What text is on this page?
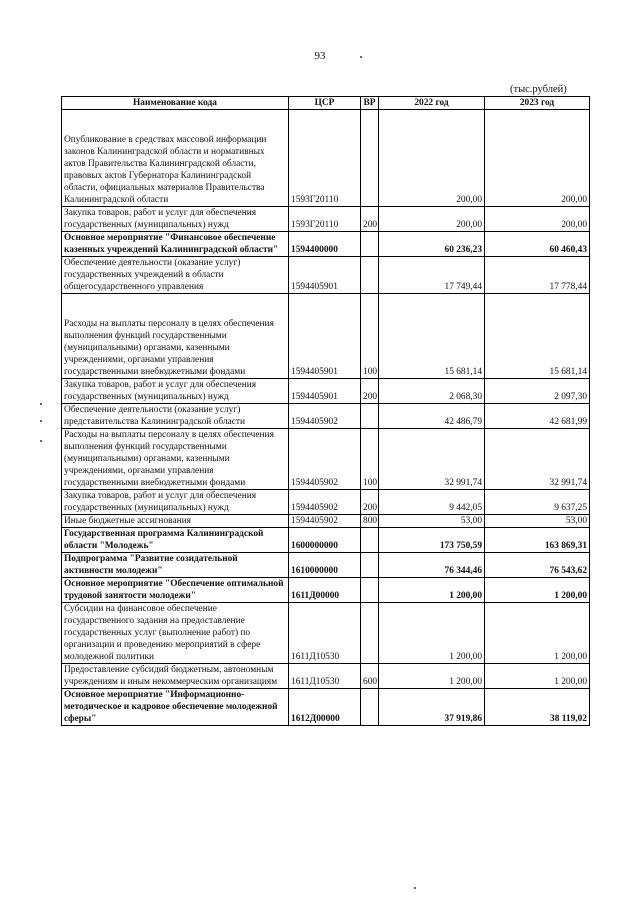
93
(тыс.рублей)
Наименование кода	ЦСР	ВР	2022 год	2023 год
Опубликование в средствах массовой информации законов Калининградской области и нормативных актов Правительства Калининградской области, правовых актов Губернатора Калининградской области, официальных материалов Правительства Калининградской области	1593Г20110		200,00	200,00
Закупка товаров, работ и услуг для обеспечения государственных (муниципальных) нужд	1593Г20110	200	200,00	200,00
Основное мероприятие "Финансовое обеспечение казенных учреждений Калининградской области"	1594400000		60 236,23	60 460,43
Обеспечение деятельности (оказание услуг) государственных учреждений в области общегосударственного управления	1594405901		17 749,44	17 778,44
Расходы на выплаты персоналу в целях обеспечения выполнения функций государственными (муниципальными) органами, казенными учреждениями, органами управления государственными внебюджетными фондами	1594405901	100	15 681,14	15 681,14
Закупка товаров, работ и услуг для обеспечения государственных (муниципальных) нужд	1594405901	200	2 068,30	2 097,30
Обеспечение деятельности (оказание услуг) представительства Калининградской области	1594405902		42 486,79	42 681,99
Расходы на выплаты персоналу в целях обеспечения выполнения функций государственными (муниципальными) органами, казенными учреждениями, органами управления государственными внебюджетными фондами	1594405902	100	32 991,74	32 991,74
Закупка товаров, работ и услуг для обеспечения государственных (муниципальных) нужд	1594405902	200	9 442,05	9 637,25
Иные бюджетные ассигнования	1594405902	800	53,00	53,00
Государственная программа Калининградской области "Молодежь"	1600000000		173 750,59	163 869,31
Подпрограмма "Развитие созидательной активности молодежи"	1610000000		76 344,46	76 543,62
Основное мероприятие "Обеспечение оптимальной трудовой занятости молодежи"	1611Д00000		1 200,00	1 200,00
Субсидии на финансовое обеспечение государственного задания на предоставление государственных услуг (выполнение работ) по организации и проведению мероприятий в сфере молодежной политики	1611Д10530		1 200,00	1 200,00
Предоставление субсидий бюджетным, автономным учреждениям и иным некоммерческим организациям	1611Д10530	600	1 200,00	1 200,00
Основное мероприятие "Информационно-методическое и кадровое обеспечение молодежной сферы"	1612Д00000		37 919,86	38 119,02
